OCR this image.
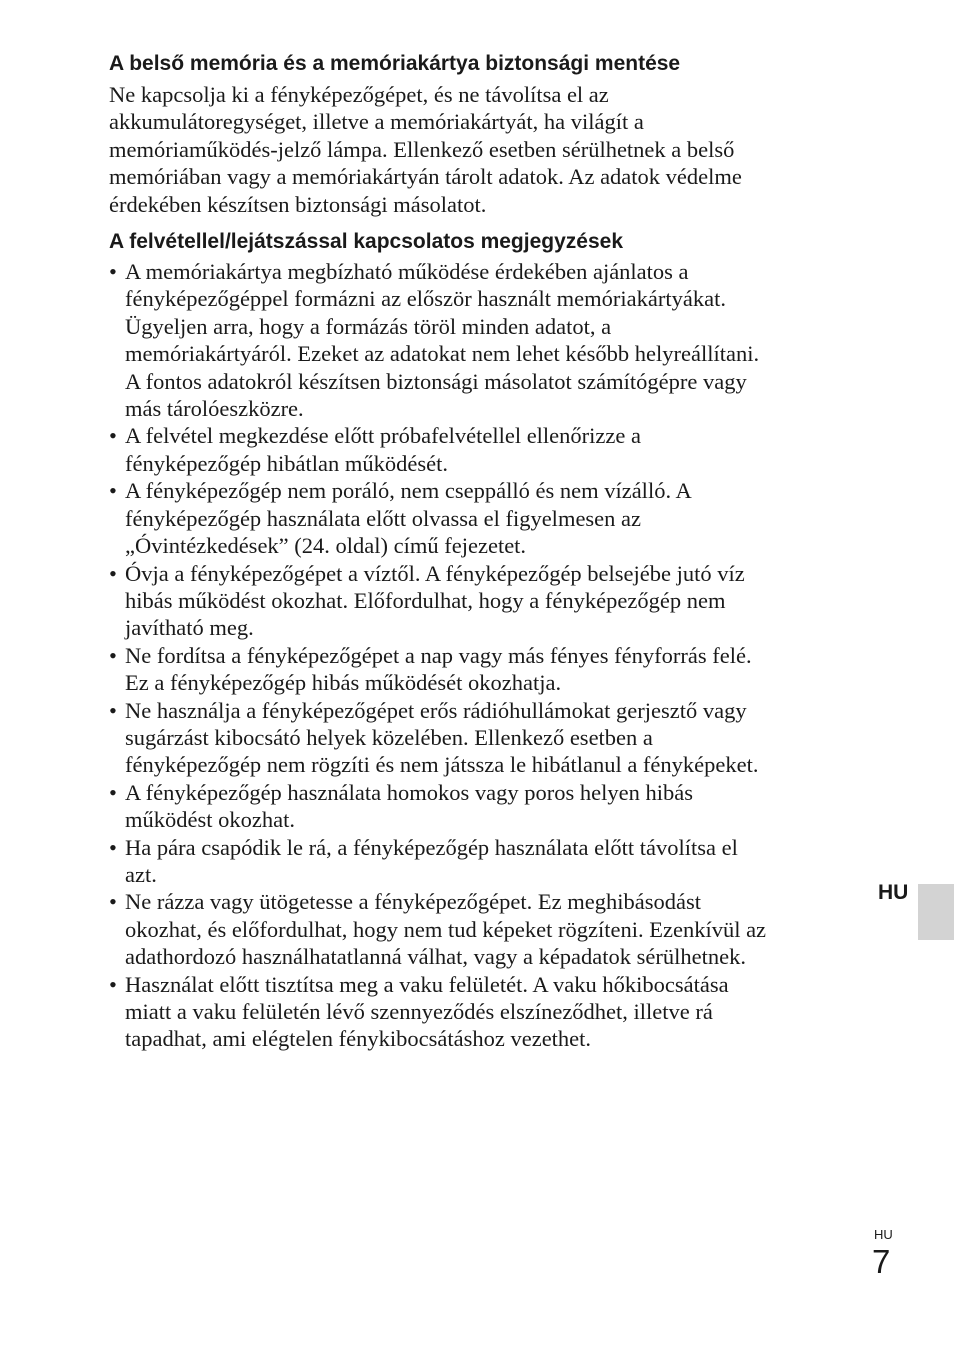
A belső memória és a memóriakártya biztonsági mentése

Ne kapcsolja ki a fényképezőgépet, és ne távolítsa el az
akkumulátoregységet, illetve a memóriakártyát, ha világít a
memóriaműködés-jelző lámpa. Ellenkező esetben sérülhetnek a belső
memóriában vagy a memóriakártyán tárolt adatok. Az adatok védelme
érdekében készítsen biztonsági másolatot.

A felvétellel/lejátszással kapcsolatos megjegyzések
• A memóriakártya megbízható működése érdekében ajánlatos a
fényképezőgéppel formázni az először használt memóriakártyákat.
Ügyeljen arra, hogy a formázás töröl minden adatot, a
memóriakártyáról. Ezeket az adatokat nem lehet később helyreállítani.
A fontos adatokról készítsen biztonsági másolatot számítógépre vagy
más tárolóeszközre.
• A felvétel megkezdése előtt próbafelvétellel ellenőrizze a
fényképezőgép hibátlan működését.
• A fényképezőgép nem poráló, nem cseppálló és nem vízálló. A
fényképezőgép használata előtt olvassa el figyelmesen az
„Óvintézkedések” (24. oldal) című fejezetet.
• Óvja a fényképezőgépet a víztől. A fényképezőgép belsejébe jutó víz
hibás működést okozhat. Előfordulhat, hogy a fényképezőgép nem
javítható meg.
• Ne fordítsa a fényképezőgépet a nap vagy más fényes fényforrás felé.
Ez a fényképezőgép hibás működését okozhatja.
• Ne használja a fényképezőgépet erős rádióhullámokat gerjesztő vagy
sugárzást kibocsátó helyek közelében. Ellenkező esetben a
fényképezőgép nem rögzíti és nem játssza le hibátlanul a fényképeket.
• A fényképezőgép használata homokos vagy poros helyen hibás
működést okozhat.
• Ha pára csapódik le rá, a fényképezőgép használata előtt távolítsa el
azt.
• Ne rázza vagy ütögetesse a fényképezőgépet. Ez meghibásodást
okozhat, és előfordulhat, hogy nem tud képeket rögzíteni. Ezenkívül az
adathordozó használhatatlanná válhat, vagy a képadatok sérülhetnek.
• Használat előtt tisztítsa meg a vaku felületét. A vaku hőkibocsátása
miatt a vaku felületén lévő szennyeződés elszíneződhet, illetve rá
tapadhat, ami elégtelen fénykibocsátáshoz vezethet.
HU
HU
7
